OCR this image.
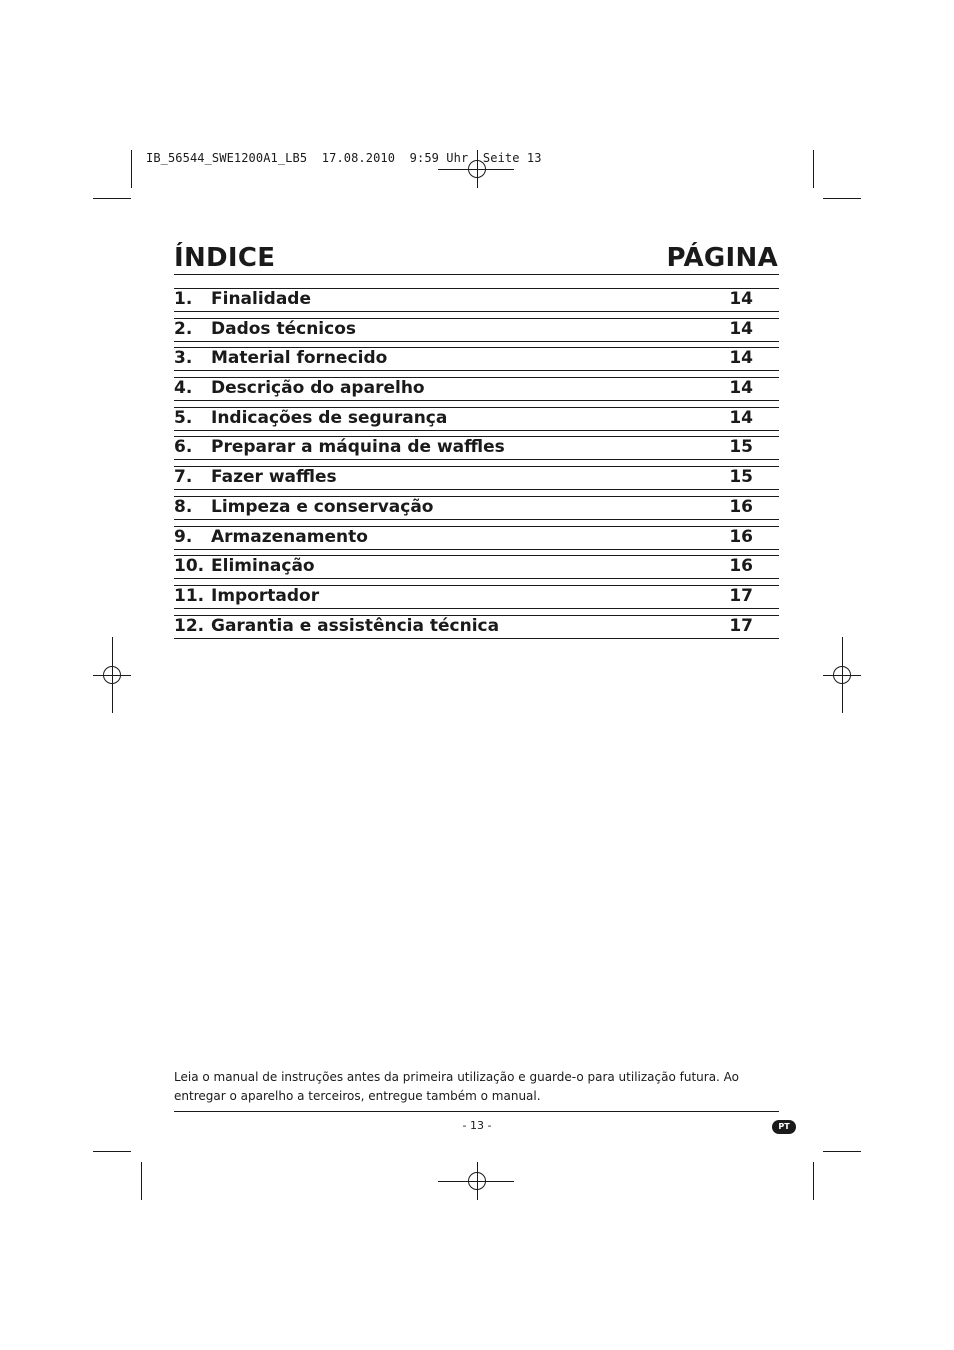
IB_56544_SWE1200A1_LB5  17.08.2010  9:59 Uhr  Seite 13
ÍNDICE	PÁGINA
1. Finalidade	14
2. Dados técnicos	14
3. Material fornecido	14
4. Descrição do aparelho	14
5. Indicações de segurança	14
6. Preparar a máquina de waffles	15
7. Fazer waffles	15
8. Limpeza e conservação	16
9. Armazenamento	16
10. Eliminação	16
11. Importador	17
12. Garantia e assistência técnica	17
Leia o manual de instruções antes da primeira utilização e guarde-o para utilização futura. Ao entregar o aparelho a terceiros, entregue também o manual.
- 13 -	PT
